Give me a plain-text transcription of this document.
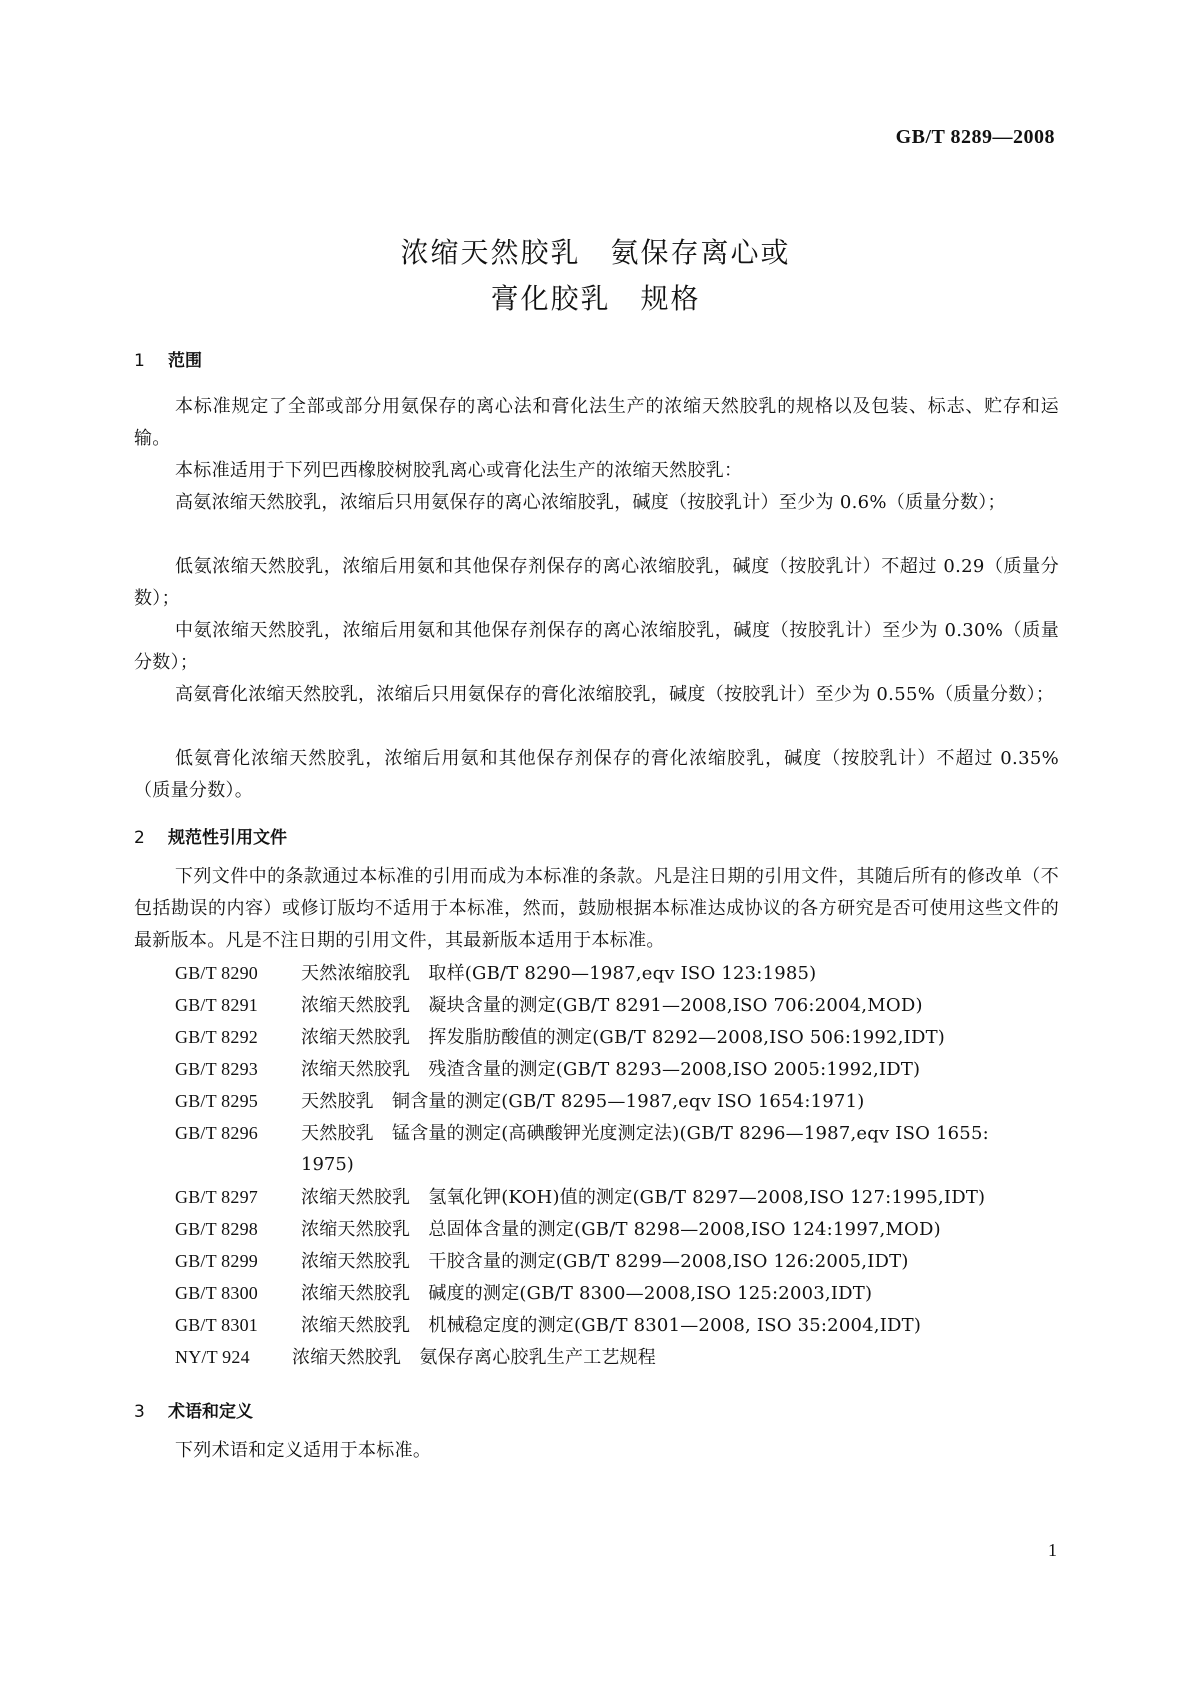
GB/T 8289—2008
浓缩天然胶乳　氨保存离心或
膏化胶乳　规格
1 范围
本标准规定了全部或部分用氨保存的离心法和膏化法生产的浓缩天然胶乳的规格以及包装、标志、贮存和运输。
本标准适用于下列巴西橡胶树胶乳离心或膏化法生产的浓缩天然胶乳：
高氨浓缩天然胶乳，浓缩后只用氨保存的离心浓缩胶乳，碱度（按胶乳计）至少为 0.6%（质量分数）；
低氨浓缩天然胶乳，浓缩后用氨和其他保存剂保存的离心浓缩胶乳，碱度（按胶乳计）不超过 0.29（质量分数）；
中氨浓缩天然胶乳，浓缩后用氨和其他保存剂保存的离心浓缩胶乳，碱度（按胶乳计）至少为 0.30%（质量分数）；
高氨膏化浓缩天然胶乳，浓缩后只用氨保存的膏化浓缩胶乳，碱度（按胶乳计）至少为 0.55%（质量分数）；
低氨膏化浓缩天然胶乳，浓缩后用氨和其他保存剂保存的膏化浓缩胶乳，碱度（按胶乳计）不超过 0.35%（质量分数）。
2 规范性引用文件
下列文件中的条款通过本标准的引用而成为本标准的条款。凡是注日期的引用文件，其随后所有的修改单（不包括勘误的内容）或修订版均不适用于本标准，然而，鼓励根据本标准达成协议的各方研究是否可使用这些文件的最新版本。凡是不注日期的引用文件，其最新版本适用于本标准。
GB/T 8290 天然浓缩胶乳　取样(GB/T 8290—1987,eqv ISO 123:1985)
GB/T 8291 浓缩天然胶乳　凝块含量的测定(GB/T 8291—2008,ISO 706:2004,MOD)
GB/T 8292 浓缩天然胶乳　挥发脂肪酸值的测定(GB/T 8292—2008,ISO 506:1992,IDT)
GB/T 8293 浓缩天然胶乳　残渣含量的测定(GB/T 8293—2008,ISO 2005:1992,IDT)
GB/T 8295 天然胶乳　铜含量的测定(GB/T 8295—1987,eqv ISO 1654:1971)
GB/T 8296 天然胶乳　锰含量的测定(高碘酸钾光度测定法)(GB/T 8296—1987,eqv ISO 1655:
1975)
GB/T 8297 浓缩天然胶乳　氢氧化钾(KOH)值的测定(GB/T 8297—2008,ISO 127:1995,IDT)
GB/T 8298 浓缩天然胶乳　总固体含量的测定(GB/T 8298—2008,ISO 124:1997,MOD)
GB/T 8299 浓缩天然胶乳　干胶含量的测定(GB/T 8299—2008,ISO 126:2005,IDT)
GB/T 8300 浓缩天然胶乳　碱度的测定(GB/T 8300—2008,ISO 125:2003,IDT)
GB/T 8301 浓缩天然胶乳　机械稳定度的测定(GB/T 8301—2008, ISO 35:2004,IDT)
NY/T 924 浓缩天然胶乳　氨保存离心胶乳生产工艺规程
3 术语和定义
下列术语和定义适用于本标准。
1
